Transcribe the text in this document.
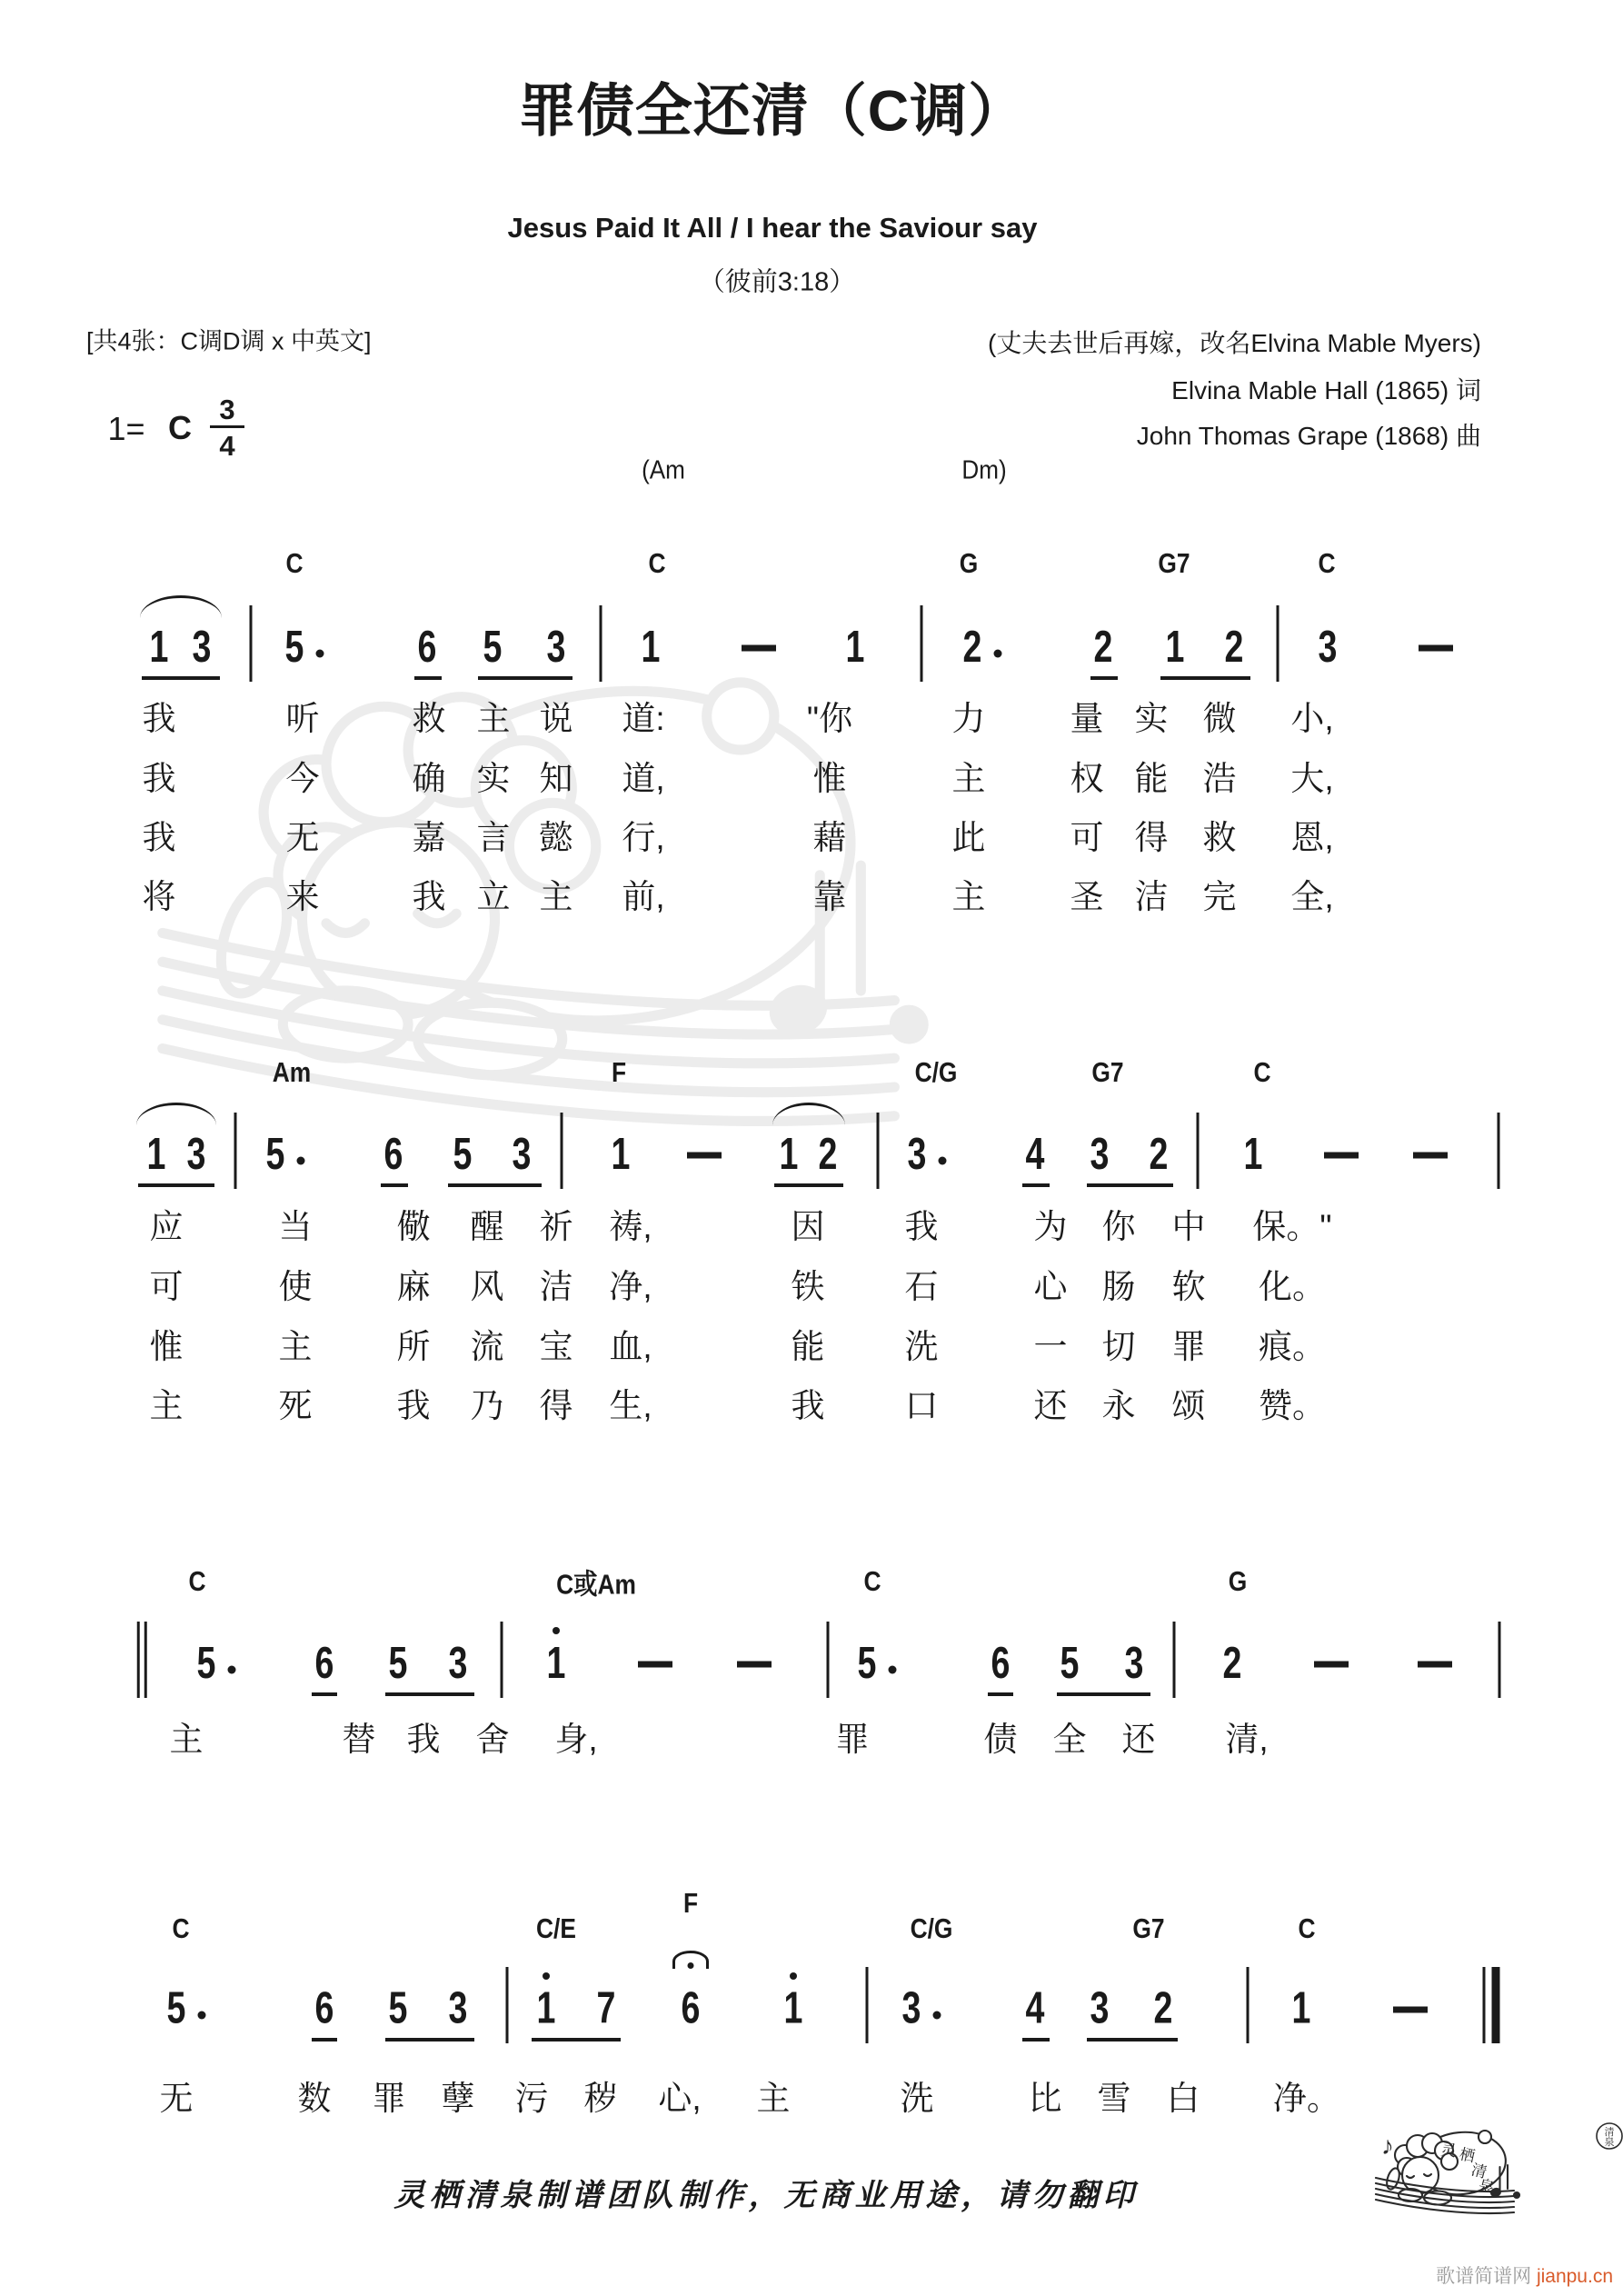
♪	灵 栖
清
泉
清
泉
罪债全还清（C调）
Jesus Paid It All / I hear the Saviour say
（彼前3:18）
[共4张：C调D调 x 中英文]	(丈夫去世后再嫁，改名Elvina Mable Myers)
Elvina Mable Hall (1865) 词
John Thomas Grape (1868) 曲
1= C 3
4
(Am	Dm)
C	C	G	G7	C
1 3 5	6 5 3 1	1 2	2 1 2 3
我	听	救 主 说 道:	"你	力	量 实 微 小,
我	今	确 实 知 道,	惟	主	权 能 浩 大,
我	无	嘉 言 懿 行,	藉	此	可 得 救 恩,
将	来	我 立 主 前,	靠	主	圣 洁 完 全,
Am	F	C/G	G7	C
1 3 5 6 5 3 1	1 2 3 4 3 2 1
应	当	儆 醒 祈 祷,	因 我	为 你 中 保。"
可	使	麻 风 洁 净,	铁 石	心 肠 软 化。
惟	主	所 流 宝 血,	能 洗	一 切 罪 痕。
主	死	我 乃 得 生,	我 口	还 永 颂 赞。
C	C或Am	C	G
5 6 5 3 1	5	6 5 3 2
主	替 我 舍 身,	罪	债 全 还 清,
C	C/E
F
C/G	G7	C
5	6 5 3 1 7 6 1 3 4 3 2	1
无	数 罪 孽 污 秽 心, 主	洗	比 雪 白 净。
灵栖清泉制谱团队制作，无商业用途，请勿翻印
歌谱简谱网 jianpu.cn
